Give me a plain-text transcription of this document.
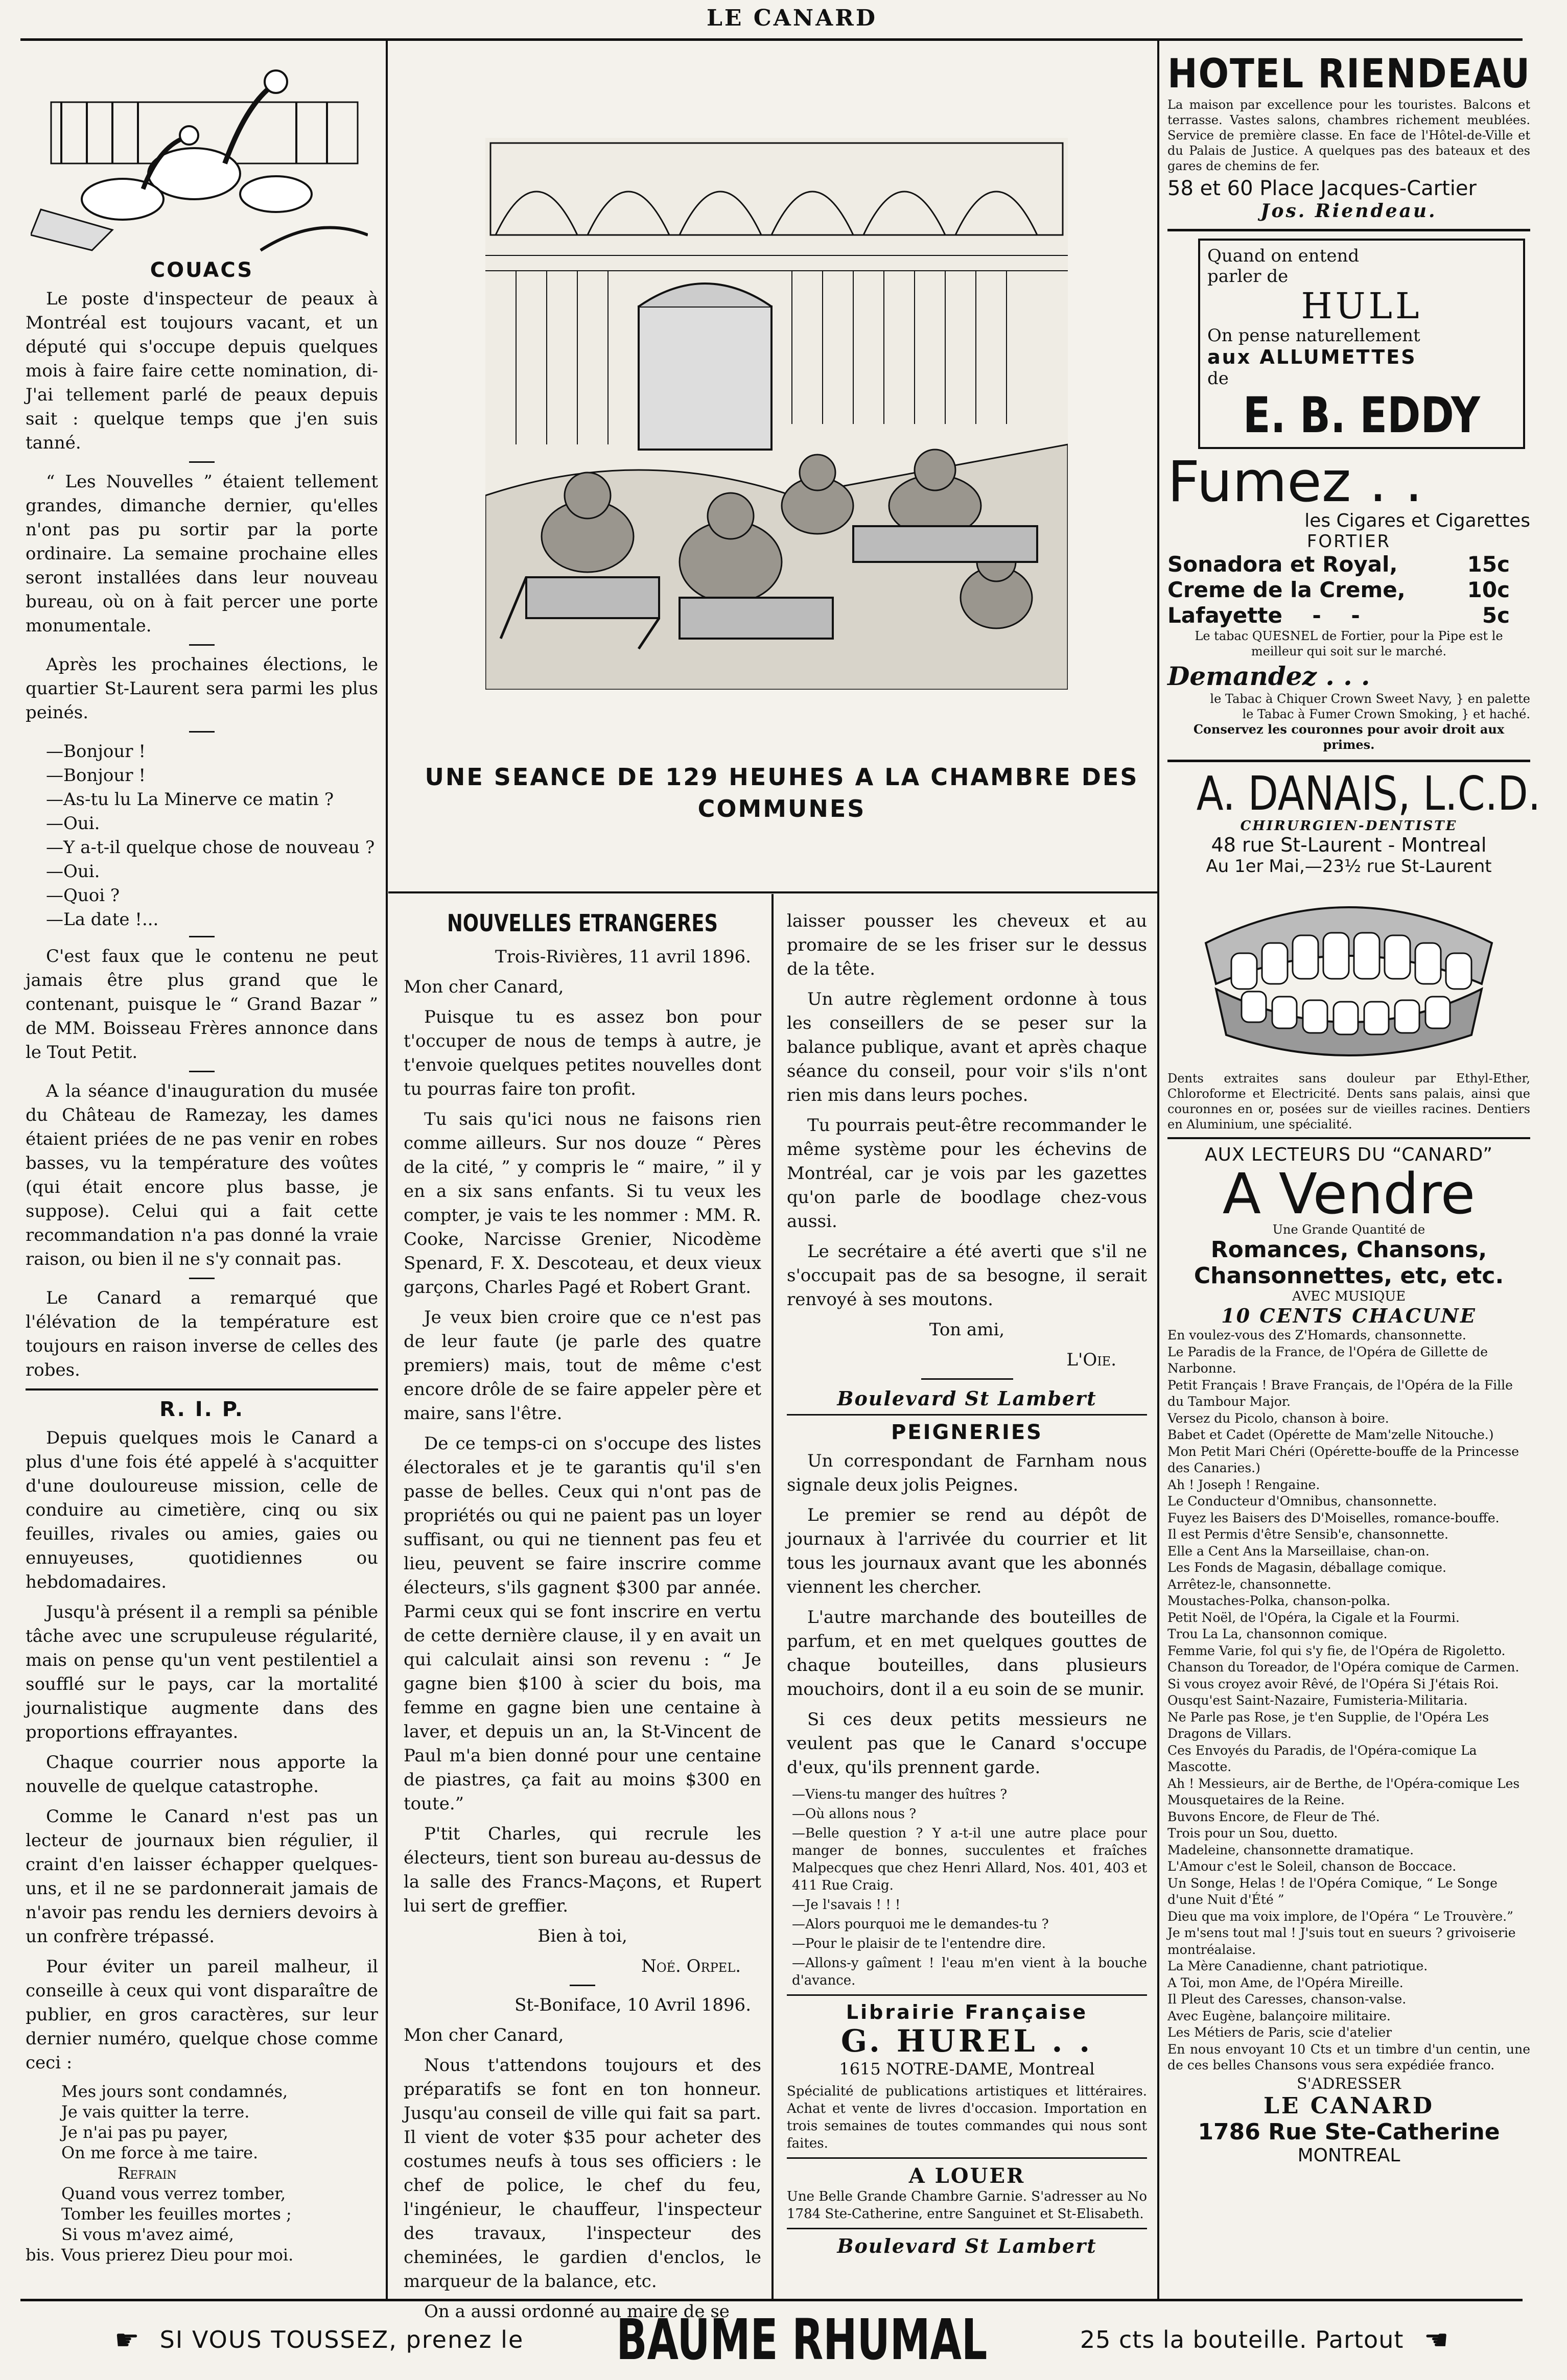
LE CANARD
COUACS

Le poste d'inspecteur de peaux à Montréal est toujours vacant, et un député qui s'occupe depuis quelques mois à faire faire cette nomination, di- J'ai tellement parlé de peaux depuis sait : quelque temps que j'en suis tanné.

“ Les Nouvelles ” étaient tellement grandes, dimanche dernier, qu'elles n'ont pas pu sortir par la porte ordinaire. La semaine prochaine elles seront installées dans leur nouveau bureau, où on à fait percer une porte monumentale.

Après les prochaines élections, le quartier St-Laurent sera parmi les plus peinés.

—Bonjour !
—Bonjour !
—As-tu lu La Minerve ce matin ?
—Oui.
—Y a-t-il quelque chose de nouveau ?
—Oui.
—Quoi ?
—La date !...

C'est faux que le contenu ne peut jamais être plus grand que le contenant, puisque le “ Grand Bazar ” de MM. Boisseau Frères annonce dans le Tout Petit.

A la séance d'inauguration du musée du Château de Ramezay, les dames étaient priées de ne pas venir en robes basses, vu la température des voûtes (qui était encore plus basse, je suppose). Celui qui a fait cette recommandation n'a pas donné la vraie raison, ou bien il ne s'y connait pas.

Le Canard a remarqué que l'élévation de la température est toujours en raison inverse de celles des robes.

R. I. P.

Depuis quelques mois le Canard a plus d'une fois été appelé à s'acquitter d'une douloureuse mission, celle de conduire au cimetière, cinq ou six feuilles, rivales ou amies, gaies ou ennuyeuses, quotidiennes ou hebdomadaires.

Jusqu'à présent il a rempli sa pénible tâche avec une scrupuleuse régularité, mais on pense qu'un vent pestilentiel a soufflé sur le pays, car la mortalité journalistique augmente dans des proportions effrayantes.

Chaque courrier nous apporte la nouvelle de quelque catastrophe.

Comme le Canard n'est pas un lecteur de journaux bien régulier, il craint d'en laisser échapper quelques-uns, et il ne se pardonnerait jamais de n'avoir pas rendu les derniers devoirs à un confrère trépassé.

Pour éviter un pareil malheur, il conseille à ceux qui vont disparaître de publier, en gros caractères, sur leur dernier numéro, quelque chose comme ceci :

Mes jours sont condamnés,
Je vais quitter la terre.
Je n'ai pas pu payer,
On me force à me taire.
Refrain
Quand vous verrez tomber,
Tomber les feuilles mortes ;
Si vous m'avez aimé,
bis. Vous prierez Dieu pour moi.
UNE SEANCE DE 129 HEUHES A LA CHAMBRE DES COMMUNES
NOUVELLES ETRANGERES
Trois-Rivières, 11 avril 1896.
Mon cher Canard,

Puisque tu es assez bon pour t'occuper de nous de temps à autre, je t'envoie quelques petites nouvelles dont tu pourras faire ton profit.

Tu sais qu'ici nous ne faisons rien comme ailleurs. Sur nos douze “ Pères de la cité, ” y compris le “ maire, ” il y en a six sans enfants. Si tu veux les compter, je vais te les nommer : MM. R. Cooke, Narcisse Grenier, Nicodème Spenard, F. X. Descoteau, et deux vieux garçons, Charles Pagé et Robert Grant.

Je veux bien croire que ce n'est pas de leur faute (je parle des quatre premiers) mais, tout de même c'est encore drôle de se faire appeler père et maire, sans l'être.

De ce temps-ci on s'occupe des listes électorales et je te garantis qu'il s'en passe de belles. Ceux qui n'ont pas de propriétés ou qui ne paient pas un loyer suffisant, ou qui ne tiennent pas feu et lieu, peuvent se faire inscrire comme électeurs, s'ils gagnent $300 par année. Parmi ceux qui se font inscrire en vertu de cette dernière clause, il y en avait un qui calculait ainsi son revenu : “ Je gagne bien $100 à scier du bois, ma femme en gagne bien une centaine à laver, et depuis un an, la St-Vincent de Paul m'a bien donné pour une centaine de piastres, ça fait au moins $300 en toute.”

P'tit Charles, qui recrule les électeurs, tient son bureau au-dessus de la salle des Francs-Maçons, et Rupert lui sert de greffier.

Bien à toi,
Noé. Orpel.
St-Boniface, 10 Avril 1896.
Mon cher Canard,

Nous t'attendons toujours et des préparatifs se font en ton honneur. Jusqu'au conseil de ville qui fait sa part. Il vient de voter $35 pour acheter des costumes neufs à tous ses officiers : le chef de police, le chef du feu, l'ingénieur, le chauffeur, l'inspecteur des travaux, l'inspecteur des cheminées, le gardien d'enclos, le marqueur de la balance, etc.

On a aussi ordonné au maire de se

laisser pousser les cheveux et au promaire de se les friser sur le dessus de la tête.

Un autre règlement ordonne à tous les conseillers de se peser sur la balance publique, avant et après chaque séance du conseil, pour voir s'ils n'ont rien mis dans leurs poches.

Tu pourrais peut-être recommander le même système pour les échevins de Montréal, car je vois par les gazettes qu'on parle de boodlage chez-vous aussi.

Le secrétaire a été averti que s'il ne s'occupait pas de sa besogne, il serait renvoyé à ses moutons.

Ton ami,
L'Oie.
Boulevard St Lambert
PEIGNERIES

Un correspondant de Farnham nous signale deux jolis Peignes.

Le premier se rend au dépôt de journaux à l'arrivée du courrier et lit tous les journaux avant que les abonnés viennent les chercher.

L'autre marchande des bouteilles de parfum, et en met quelques gouttes de chaque bouteilles, dans plusieurs mouchoirs, dont il a eu soin de se munir.

Si ces deux petits messieurs ne veulent pas que le Canard s'occupe d'eux, qu'ils prennent garde.

—Viens-tu manger des huîtres ?

—Où allons nous ?

—Belle question ? Y a-t-il une autre place pour manger de bonnes, succulentes et fraîches Malpecques que chez Henri Allard, Nos. 401, 403 et 411 Rue Craig.

—Je l'savais ! ! !

—Alors pourquoi me le demandes-tu ?

—Pour le plaisir de te l'entendre dire.

—Allons-y gaîment ! l'eau m'en vient à la bouche d'avance.

Librairie Française
G. HUREL . .
1615 NOTRE-DAME, Montreal

Spécialité de publications artistiques et littéraires. Achat et vente de livres d'occasion. Importation en trois semaines de toutes commandes qui nous sont faites.

A LOUER

Une Belle Grande Chambre Garnie. S'adresser au No 1784 Ste-Catherine, entre Sanguinet et St-Elisabeth.

Boulevard St Lambert
HOTEL RIENDEAU

La maison par excellence pour les touristes. Balcons et terrasse. Vastes salons, chambres richement meublées. Service de première classe. En face de l'Hôtel-de-Ville et du Palais de Justice. A quelques pas des bateaux et des gares de chemins de fer.

58 et 60 Place Jacques-Cartier
Jos. Riendeau.
Quand on entend
parler de
HULL
On pense naturellement
aux ALLUMETTES
de
E. B. EDDY
Fumez . .
les Cigares et Cigarettes
FORTIER
Sonadora et Royal,	15c
Creme de la Creme,	10c
Lafayette    -    -	5c

Le tabac QUESNEL de Fortier, pour la Pipe est le meilleur qui soit sur le marché.

Demandez . . .
le Tabac à Chiquer Crown Sweet Navy, } en palette
le Tabac à Fumer Crown Smoking, } et haché.
Conservez les couronnes pour avoir droit aux primes.
A. DANAIS, L.C.D.
CHIRURGIEN-DENTISTE
48 rue St-Laurent - Montreal
Au 1er Mai,—23½ rue St-Laurent

Dents extraites sans douleur par Ethyl-Ether, Chloroforme et Electricité. Dents sans palais, ainsi que couronnes en or, posées sur de vieilles racines. Dentiers en Aluminium, une spécialité.

AUX LECTEURS DU “CANARD”
A Vendre
Une Grande Quantité de
Romances, Chansons,
Chansonnettes, etc, etc.
AVEC MUSIQUE
10 CENTS CHACUNE
En voulez-vous des Z'Homards, chansonnette.
Le Paradis de la France, de l'Opéra de Gillette de Narbonne.
Petit Français ! Brave Français, de l'Opéra de la Fille du Tambour Major.
Versez du Picolo, chanson à boire.
Babet et Cadet (Opérette de Mam'zelle Nitouche.)
Mon Petit Mari Chéri (Opérette-bouffe de la Princesse des Canaries.)
Ah ! Joseph ! Rengaine.
Le Conducteur d'Omnibus, chansonnette.
Fuyez les Baisers des D'Moiselles, romance-bouffe.
Il est Permis d'être Sensib'e, chansonnette.
Elle a Cent Ans la Marseillaise, chan-on.
Les Fonds de Magasin, déballage comique.
Arrêtez-le, chansonnette.
Moustaches-Polka, chanson-polka.
Petit Noël, de l'Opéra, la Cigale et la Fourmi.
Trou La La, chansonnon comique.
Femme Varie, fol qui s'y fie, de l'Opéra de Rigoletto.
Chanson du Toreador, de l'Opéra comique de Carmen.
Si vous croyez avoir Rêvé, de l'Opéra Si J'étais Roi.
Ousqu'est Saint-Nazaire, Fumisteria-Militaria.
Ne Parle pas Rose, je t'en Supplie, de l'Opéra Les Dragons de Villars.
Ces Envoyés du Paradis, de l'Opéra-comique La Mascotte.
Ah ! Messieurs, air de Berthe, de l'Opéra-comique Les Mousquetaires de la Reine.
Buvons Encore, de Fleur de Thé.
Trois pour un Sou, duetto.
Madeleine, chansonnette dramatique.
L'Amour c'est le Soleil, chanson de Boccace.
Un Songe, Helas ! de l'Opéra Comique, “ Le Songe d'une Nuit d'Été ”
Dieu que ma voix implore, de l'Opéra “ Le Trouvère.”
Je m'sens tout mal ! J'suis tout en sueurs ? grivoiserie montréalaise.
La Mère Canadienne, chant patriotique.
A Toi, mon Ame, de l'Opéra Mireille.
Il Pleut des Caresses, chanson-valse.
Avec Eugène, balançoire militaire.
Les Métiers de Paris, scie d'atelier

En nous envoyant 10 Cts et un timbre d'un centin, une de ces belles Chansons vous sera expédiée franco.

S'ADRESSER
LE CANARD
1786 Rue Ste-Catherine
MONTREAL
☛ SI VOUS TOUSSEZ, prenez le BAUME RHUMAL	25 cts la bouteille. Partout ☛
